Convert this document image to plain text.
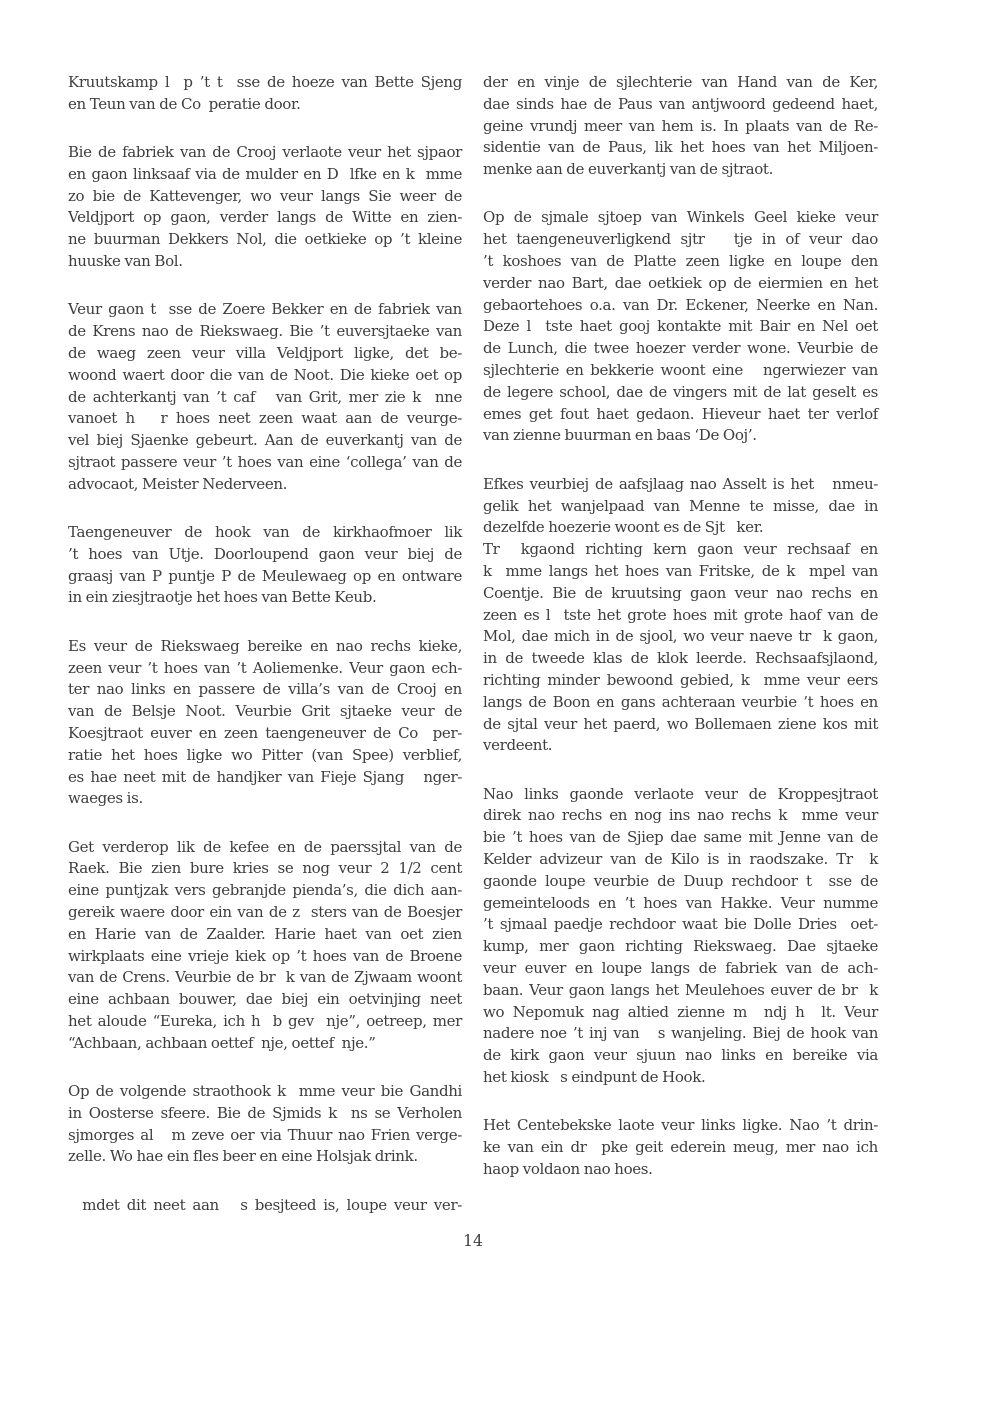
Kruutskamp l  p ’t t  sse de hoeze van Bette Sjeng
en Teun van de Co  peratie door.
Bie de fabriek van de Crooj verlaote veur het sjpaor
en gaon linksaaf via de mulder en D  lfke en k  mme
zo bie de Kattevenger, wo veur langs Sie weer de
Veldjport op gaon, verder langs de Witte en zien-
ne buurman Dekkers Nol, die oetkieke op ’t kleine
huuske van Bol.
Veur gaon t  sse de Zoere Bekker en de fabriek van
de Krens nao de Riekswaeg. Bie ’t euversjtaeke van
de waeg zeen veur villa Veldjport ligke, det be-
woond waert door die van de Noot. Die kieke oet op
de achterkantj van ’t caf   van Grit, mer zie k  nne
vanoet h   r hoes neet zeen waat aan de veurge-
vel biej Sjaenke gebeurt. Aan de euverkantj van de
sjtraot passere veur ’t hoes van eine ‘collega’ van de
advocaot, Meister Nederveen.
Taengeneuver de hook van de kirkhaofmoer lik
’t hoes van Utje. Doorloupend gaon veur biej de
graasj van P puntje P de Meulewaeg op en ontware
in ein ziesjtraotje het hoes van Bette Keub.
Es veur de Riekswaeg bereike en nao rechs kieke,
zeen veur ’t hoes van ’t Aoliemenke. Veur gaon ech-
ter nao links en passere de villa’s van de Crooj en
van de Belsje Noot. Veurbie Grit sjtaeke veur de
Koesjtraot euver en zeen taengeneuver de Co  per-
ratie het hoes ligke wo Pitter (van Spee) verblief,
es hae neet mit de handjker van Fieje Sjang   nger-
waeges is.
Get verderop lik de kefee en de paerssjtal van de
Raek. Bie zien bure kries se nog veur 2 1/2 cent
eine puntjzak vers gebranjde pienda’s, die dich aan-
gereik waere door ein van de z  sters van de Boesjer
en Harie van de Zaalder. Harie haet van oet zien
wirkplaats eine vrieje kiek op ’t hoes van de Broene
van de Crens. Veurbie de br  k van de Zjwaam woont
eine achbaan bouwer, dae biej ein oetvinjing neet
het aloude “Eureka, ich h  b gev  nje”, oetreep, mer
“Achbaan, achbaan oettef  nje, oettef  nje.”
Op de volgende straothook k  mme veur bie Gandhi
in Oosterse sfeere. Bie de Sjmids k  ns se Verholen
sjmorges al   m zeve oer via Thuur nao Frien verge-
zelle. Wo hae ein fles beer en eine Holsjak drink.
mdet dit neet aan   s besjteed is, loupe veur ver-
der en vinje de sjlechterie van Hand van de Ker,
dae sinds hae de Paus van antjwoord gedeend haet,
geine vrundj meer van hem is. In plaats van de Re-
sidentie van de Paus, lik het hoes van het Miljoen-
menke aan de euverkantj van de sjtraot.
Op de sjmale sjtoep van Winkels Geel kieke veur
het taengeneuverligkend sjtr   tje in of veur dao
’t koshoes van de Platte zeen ligke en loupe den
verder nao Bart, dae oetkiek op de eiermien en het
gebaortehoes o.a. van Dr. Eckener, Neerke en Nan.
Deze l  tste haet gooj kontakte mit Bair en Nel oet
de Lunch, die twee hoezer verder wone. Veurbie de
sjlechterie en bekkerie woont eine   ngerwiezer van
de legere school, dae de vingers mit de lat geselt es
emes get fout haet gedaon. Hieveur haet ter verlof
van zienne buurman en baas ‘De Ooj’.
Efkes veurbiej de aafsjlaag nao Asselt is het   nmeu-
gelik het wanjelpaad van Menne te misse, dae in
dezelfde hoezerie woont es de Sjt   ker.
Tr  kgaond richting kern gaon veur rechsaaf en
k  mme langs het hoes van Fritske, de k  mpel van
Coentje. Bie de kruutsing gaon veur nao rechs en
zeen es l  tste het grote hoes mit grote haof van de
Mol, dae mich in de sjool, wo veur naeve tr  k gaon,
in de tweede klas de klok leerde. Rechsaafsjlaond,
richting minder bewoond gebied, k  mme veur eers
langs de Boon en gans achteraan veurbie ’t hoes en
de sjtal veur het paerd, wo Bollemaen ziene kos mit
verdeent.
Nao links gaonde verlaote veur de Kroppesjtraot
direk nao rechs en nog ins nao rechs k  mme veur
bie ’t hoes van de Sjiep dae same mit Jenne van de
Kelder advizeur van de Kilo is in raodszake. Tr  k
gaonde loupe veurbie de Duup rechdoor t  sse de
gemeinteloods en ’t hoes van Hakke. Veur numme
’t sjmaal paedje rechdoor waat bie Dolle Dries  oet-
kump, mer gaon richting Riekswaeg. Dae sjtaeke
veur euver en loupe langs de fabriek van de ach-
baan. Veur gaon langs het Meulehoes euver de br  k
wo Nepomuk nag altied zienne m  ndj h  lt. Veur
nadere noe ’t inj van   s wanjeling. Biej de hook van
de kirk gaon veur sjuun nao links en bereike via
het kiosk   s eindpunt de Hook.
Het Centebekske laote veur links ligke. Nao ’t drin-
ke van ein dr  pke geit ederein meug, mer nao ich
haop voldaon nao hoes.
14
